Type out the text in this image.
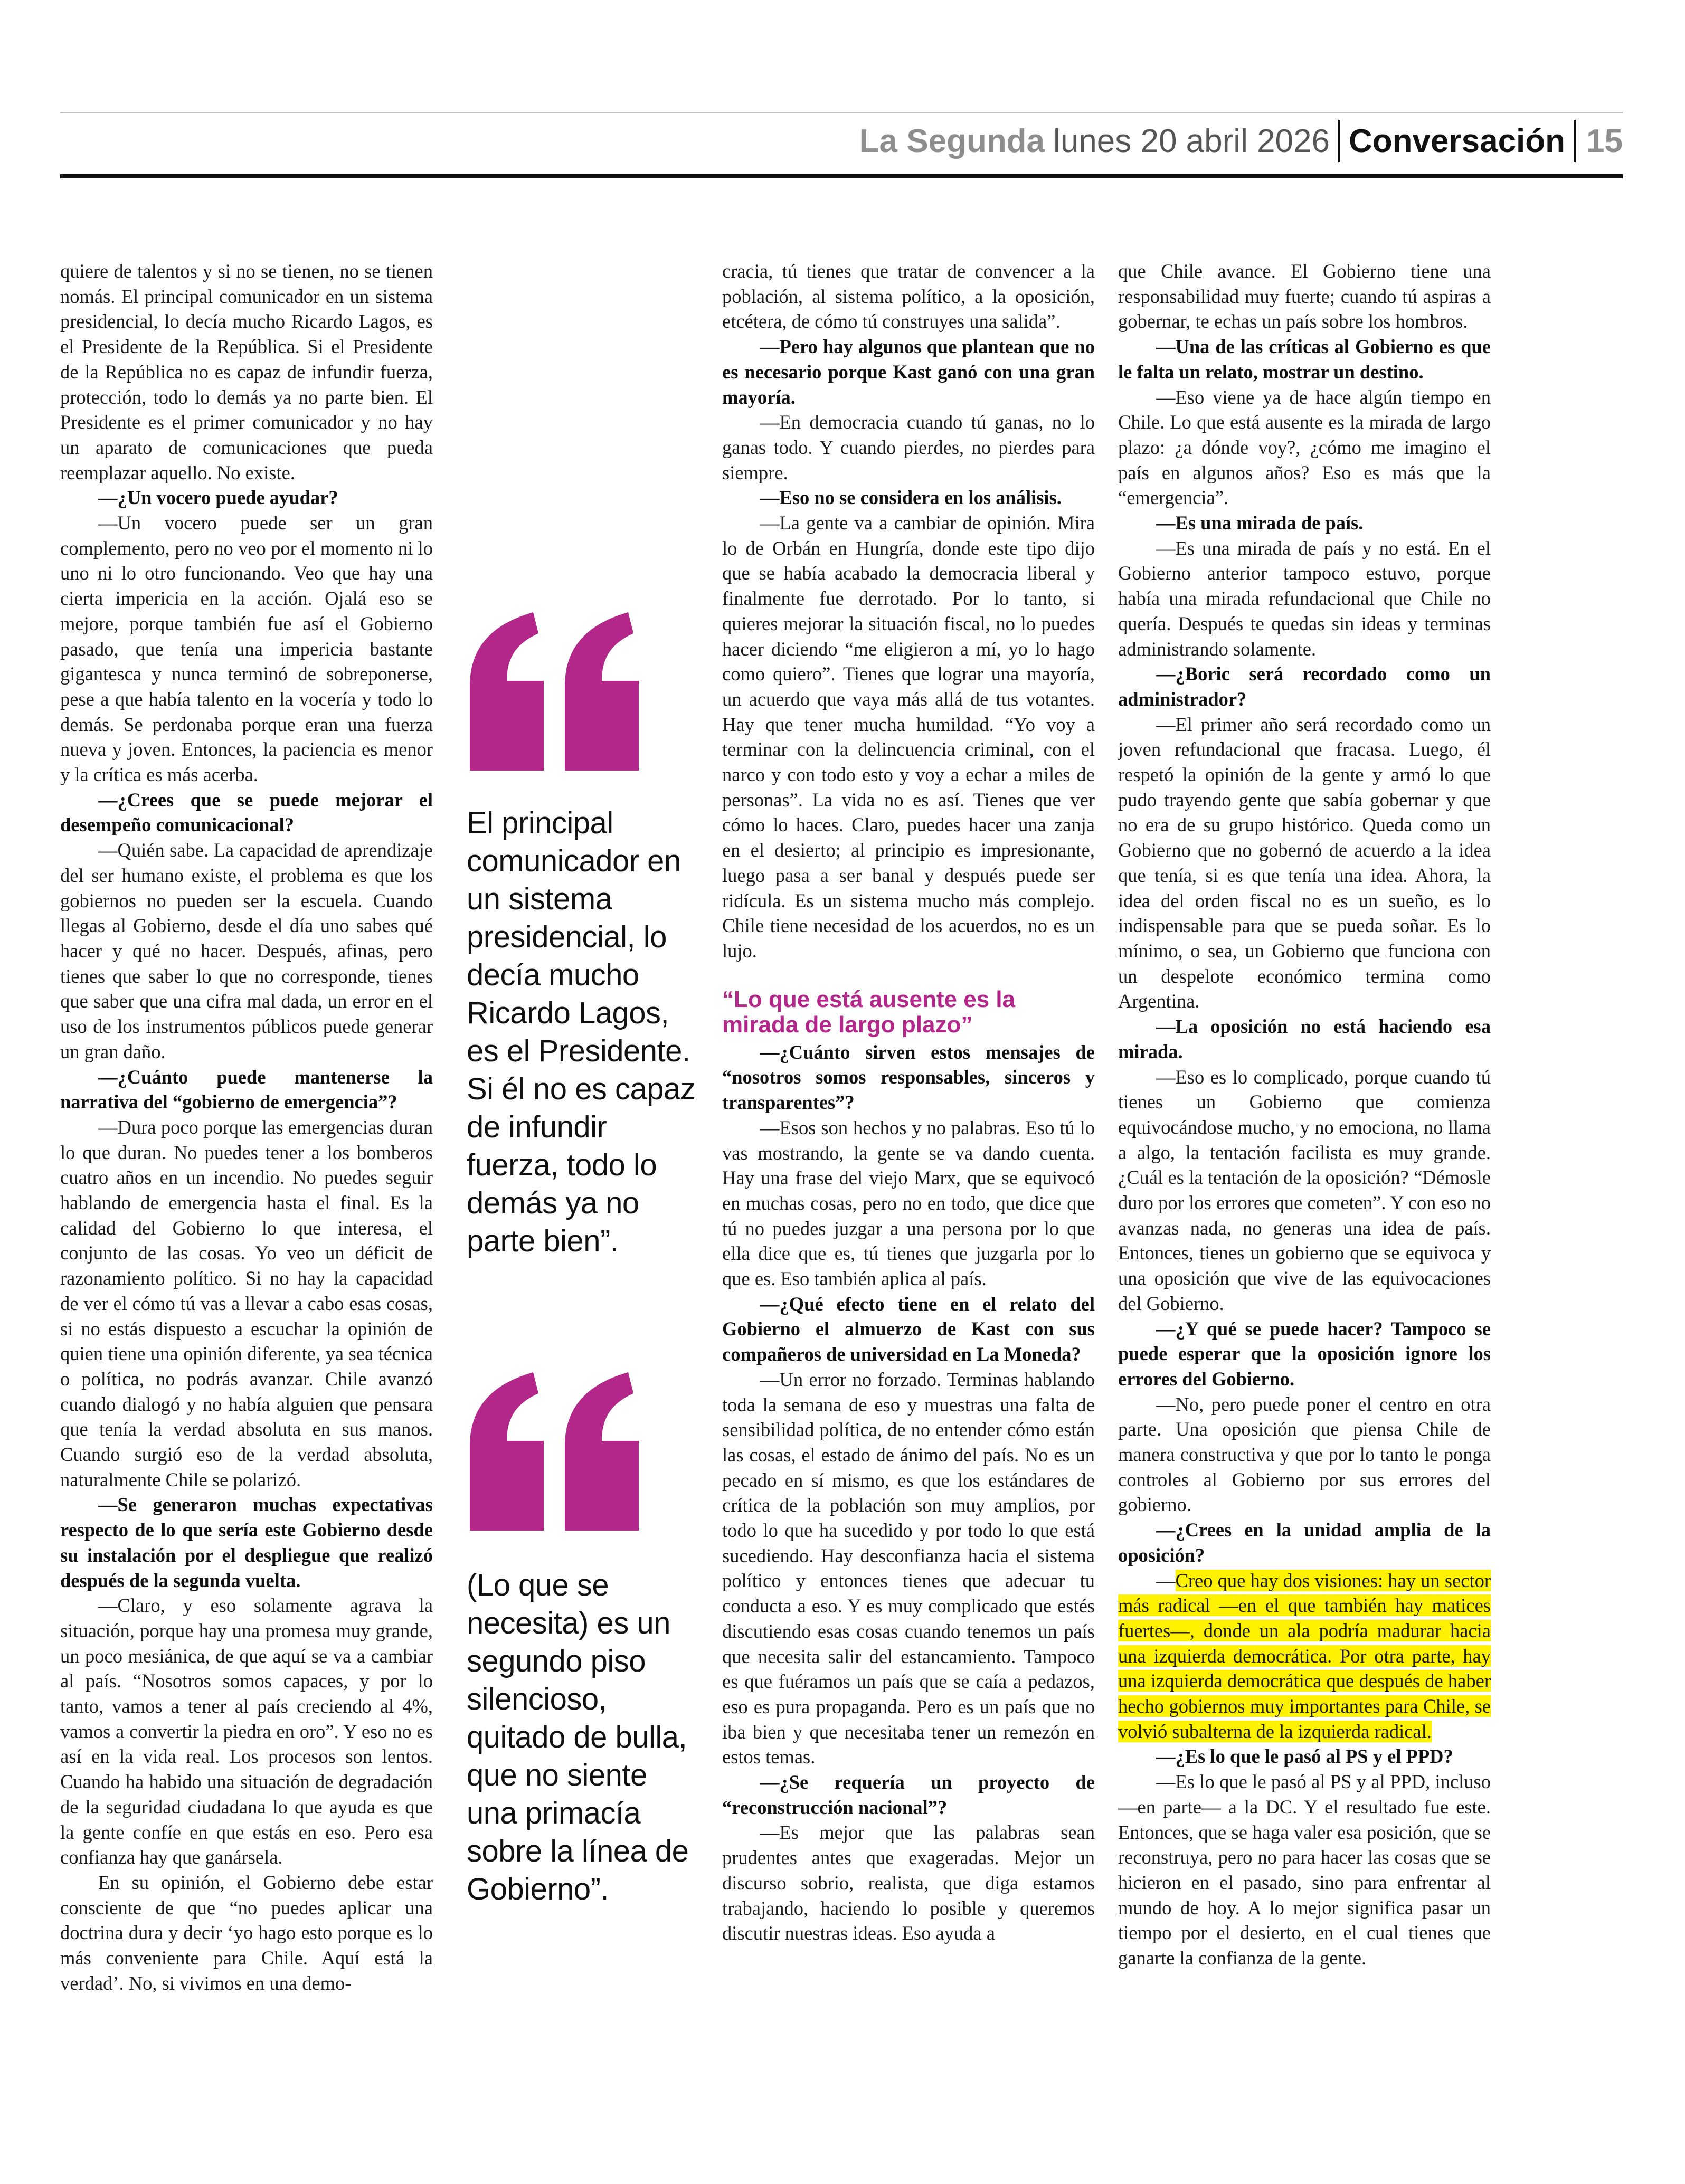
La Segunda lunes 20 abril 2026 Conversación 15

quiere de talentos y si no se tienen, no se tienen nomás. El principal comunicador en un sistema presidencial, lo decía mucho Ricardo Lagos, es el Presidente de la República. Si el Presidente de la República no es capaz de infundir fuerza, protección, todo lo demás ya no parte bien. El Presidente es el primer comunicador y no hay un aparato de comunicaciones que pueda reemplazar aquello. No existe.

—¿Un vocero puede ayudar?

—Un vocero puede ser un gran complemento, pero no veo por el momento ni lo uno ni lo otro funcionando. Veo que hay una cierta impericia en la acción. Ojalá eso se mejore, porque también fue así el Gobierno pasado, que tenía una impericia bastante gigantesca y nunca terminó de sobreponerse, pese a que había talento en la vocería y todo lo demás. Se perdonaba porque eran una fuerza nueva y joven. Entonces, la paciencia es menor y la crítica es más acerba.

—¿Crees que se puede mejorar el desempeño comunicacional?

—Quién sabe. La capacidad de aprendizaje del ser humano existe, el problema es que los gobiernos no pueden ser la escuela. Cuando llegas al Gobierno, desde el día uno sabes qué hacer y qué no hacer. Después, afinas, pero tienes que saber lo que no corresponde, tienes que saber que una cifra mal dada, un error en el uso de los instrumentos públicos puede generar un gran daño.

—¿Cuánto puede mantenerse la narrativa del “gobierno de emergencia”?

—Dura poco porque las emergencias duran lo que duran. No puedes tener a los bomberos cuatro años en un incendio. No puedes seguir hablando de emergencia hasta el final. Es la calidad del Gobierno lo que interesa, el conjunto de las cosas. Yo veo un déficit de razonamiento político. Si no hay la capacidad de ver el cómo tú vas a llevar a cabo esas cosas, si no estás dispuesto a escuchar la opinión de quien tiene una opinión diferente, ya sea técnica o política, no podrás avanzar. Chile avanzó cuando dialogó y no había alguien que pensara que tenía la verdad absoluta en sus manos. Cuando surgió eso de la verdad absoluta, naturalmente Chile se polarizó.

—Se generaron muchas expectativas respecto de lo que sería este Gobierno desde su instalación por el despliegue que realizó después de la segunda vuelta.

—Claro, y eso solamente agrava la situación, porque hay una promesa muy grande, un poco mesiánica, de que aquí se va a cambiar al país. “Nosotros somos capaces, y por lo tanto, vamos a tener al país creciendo al 4%, vamos a convertir la piedra en oro”. Y eso no es así en la vida real. Los procesos son lentos. Cuando ha habido una situación de degradación de la seguridad ciudadana lo que ayuda es que la gente confíe en que estás en eso. Pero esa confianza hay que ganársela.

En su opinión, el Gobierno debe estar consciente de que “no puedes aplicar una doctrina dura y decir ‘yo hago esto porque es lo más conveniente para Chile. Aquí está la verdad’. No, si vivimos en una demo-

El principal comunicador en un sistema presidencial, lo decía mucho Ricardo Lagos, es el Presidente. Si él no es capaz de infundir fuerza, todo lo demás ya no parte bien”.
(Lo que se necesita) es un segundo piso silencioso, quitado de bulla, que no siente una primacía sobre la línea de Gobierno”.

cracia, tú tienes que tratar de convencer a la población, al sistema político, a la oposición, etcétera, de cómo tú construyes una salida”.

—Pero hay algunos que plantean que no es necesario porque Kast ganó con una gran mayoría.

—En democracia cuando tú ganas, no lo ganas todo. Y cuando pierdes, no pierdes para siempre.

—Eso no se considera en los análisis.

—La gente va a cambiar de opinión. Mira lo de Orbán en Hungría, donde este tipo dijo que se había acabado la democracia liberal y finalmente fue derrotado. Por lo tanto, si quieres mejorar la situación fiscal, no lo puedes hacer diciendo “me eligieron a mí, yo lo hago como quiero”. Tienes que lograr una mayoría, un acuerdo que vaya más allá de tus votantes. Hay que tener mucha humildad. “Yo voy a terminar con la delincuencia criminal, con el narco y con todo esto y voy a echar a miles de personas”. La vida no es así. Tienes que ver cómo lo haces. Claro, puedes hacer una zanja en el desierto; al principio es impresionante, luego pasa a ser banal y después puede ser ridícula. Es un sistema mucho más complejo. Chile tiene necesidad de los acuerdos, no es un lujo.

“Lo que está ausente es la mirada de largo plazo”

—¿Cuánto sirven estos mensajes de “nosotros somos responsables, sinceros y transparentes”?

—Esos son hechos y no palabras. Eso tú lo vas mostrando, la gente se va dando cuenta. Hay una frase del viejo Marx, que se equivocó en muchas cosas, pero no en todo, que dice que tú no puedes juzgar a una persona por lo que ella dice que es, tú tienes que juzgarla por lo que es. Eso también aplica al país.

—¿Qué efecto tiene en el relato del Gobierno el almuerzo de Kast con sus compañeros de universidad en La Moneda?

—Un error no forzado. Terminas hablando toda la semana de eso y muestras una falta de sensibilidad política, de no entender cómo están las cosas, el estado de ánimo del país. No es un pecado en sí mismo, es que los estándares de crítica de la población son muy amplios, por todo lo que ha sucedido y por todo lo que está sucediendo. Hay desconfianza hacia el sistema político y entonces tienes que adecuar tu conducta a eso. Y es muy complicado que estés discutiendo esas cosas cuando tenemos un país que necesita salir del estancamiento. Tampoco es que fuéramos un país que se caía a pedazos, eso es pura propaganda. Pero es un país que no iba bien y que necesitaba tener un remezón en estos temas.

—¿Se requería un proyecto de “reconstrucción nacional”?

—Es mejor que las palabras sean prudentes antes que exageradas. Mejor un discurso sobrio, realista, que diga estamos trabajando, haciendo lo posible y queremos discutir nuestras ideas. Eso ayuda a

que Chile avance. El Gobierno tiene una responsabilidad muy fuerte; cuando tú aspiras a gobernar, te echas un país sobre los hombros.

—Una de las críticas al Gobierno es que le falta un relato, mostrar un destino.

—Eso viene ya de hace algún tiempo en Chile. Lo que está ausente es la mirada de largo plazo: ¿a dónde voy?, ¿cómo me imagino el país en algunos años? Eso es más que la “emergencia”.

—Es una mirada de país.

—Es una mirada de país y no está. En el Gobierno anterior tampoco estuvo, porque había una mirada refundacional que Chile no quería. Después te quedas sin ideas y terminas administrando solamente.

—¿Boric será recordado como un administrador?

—El primer año será recordado como un joven refundacional que fracasa. Luego, él respetó la opinión de la gente y armó lo que pudo trayendo gente que sabía gobernar y que no era de su grupo histórico. Queda como un Gobierno que no gobernó de acuerdo a la idea que tenía, si es que tenía una idea. Ahora, la idea del orden fiscal no es un sueño, es lo indispensable para que se pueda soñar. Es lo mínimo, o sea, un Gobierno que funciona con un despelote económico termina como Argentina.

—La oposición no está haciendo esa mirada.

—Eso es lo complicado, porque cuando tú tienes un Gobierno que comienza equivocándose mucho, y no emociona, no llama a algo, la tentación facilista es muy grande. ¿Cuál es la tentación de la oposición? “Démosle duro por los errores que cometen”. Y con eso no avanzas nada, no generas una idea de país. Entonces, tienes un gobierno que se equivoca y una oposición que vive de las equivocaciones del Gobierno.

—¿Y qué se puede hacer? Tampoco se puede esperar que la oposición ignore los errores del Gobierno.

—No, pero puede poner el centro en otra parte. Una oposición que piensa Chile de manera constructiva y que por lo tanto le ponga controles al Gobierno por sus errores del gobierno.

—¿Crees en la unidad amplia de la oposición?

—Creo que hay dos visiones: hay un sector más radical —en el que también hay matices fuertes—, donde un ala podría madurar hacia una izquierda democrática. Por otra parte, hay una izquierda democrática que después de haber hecho gobiernos muy importantes para Chile, se volvió subalterna de la izquierda radical.

—¿Es lo que le pasó al PS y el PPD?

—Es lo que le pasó al PS y al PPD, incluso —en parte— a la DC. Y el resultado fue este. Entonces, que se haga valer esa posición, que se reconstruya, pero no para hacer las cosas que se hicieron en el pasado, sino para enfrentar al mundo de hoy. A lo mejor significa pasar un tiempo por el desierto, en el cual tienes que ganarte la confianza de la gente.
